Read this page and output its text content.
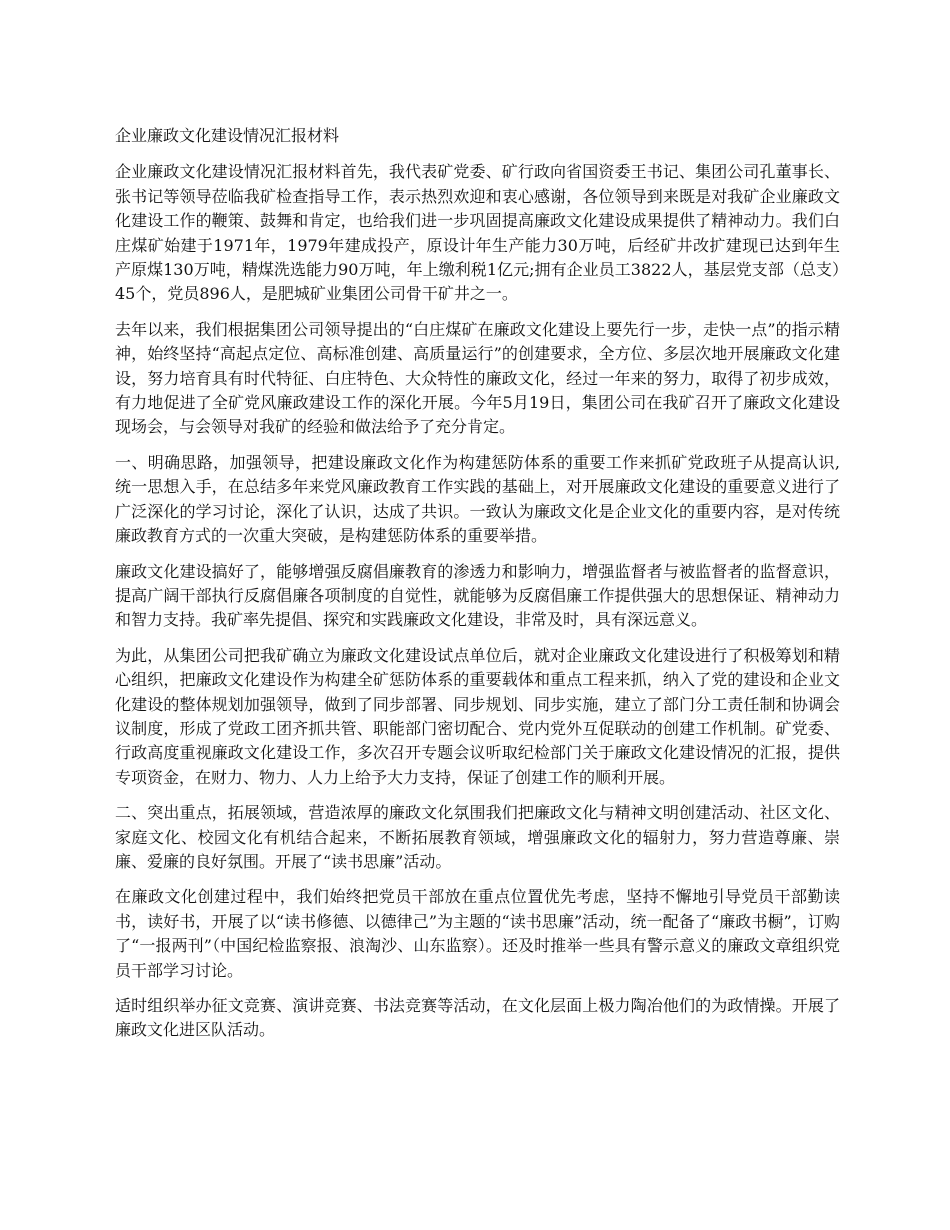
企业廉政文化建设情况汇报材料

企业廉政文化建设情况汇报材料首先，我代表矿党委、矿行政向省国资委王书记、集团公司孔董事长、张书记等领导莅临我矿检查指导工作，表示热烈欢迎和衷心感谢，各位领导到来既是对我矿企业廉政文化建设工作的鞭策、鼓舞和肯定，也给我们进一步巩固提高廉政文化建设成果提供了精神动力。我们白庄煤矿始建于1971年，1979年建成投产，原设计年生产能力30万吨，后经矿井改扩建现已达到年生产原煤130万吨，精煤洗选能力90万吨，年上缴利税1亿元;拥有企业员工3822人，基层党支部（总支）45个，党员896人，是肥城矿业集团公司骨干矿井之一。

去年以来，我们根据集团公司领导提出的“白庄煤矿在廉政文化建设上要先行一步，走快一点”的指示精神，始终坚持“高起点定位、高标准创建、高质量运行”的创建要求，全方位、多层次地开展廉政文化建设，努力培育具有时代特征、白庄特色、大众特性的廉政文化，经过一年来的努力，取得了初步成效，有力地促进了全矿党风廉政建设工作的深化开展。今年5月19日，集团公司在我矿召开了廉政文化建设现场会，与会领导对我矿的经验和做法给予了充分肯定。

一、明确思路，加强领导，把建设廉政文化作为构建惩防体系的重要工作来抓矿党政班子从提高认识,统一思想入手，在总结多年来党风廉政教育工作实践的基础上，对开展廉政文化建设的重要意义进行了广泛深化的学习讨论，深化了认识，达成了共识。一致认为廉政文化是企业文化的重要内容，是对传统廉政教育方式的一次重大突破，是构建惩防体系的重要举措。

廉政文化建设搞好了，能够增强反腐倡廉教育的渗透力和影响力，增强监督者与被监督者的监督意识，提高广阔干部执行反腐倡廉各项制度的自觉性，就能够为反腐倡廉工作提供强大的思想保证、精神动力和智力支持。我矿率先提倡、探究和实践廉政文化建设，非常及时，具有深远意义。

为此，从集团公司把我矿确立为廉政文化建设试点单位后，就对企业廉政文化建设进行了积极筹划和精心组织，把廉政文化建设作为构建全矿惩防体系的重要载体和重点工程来抓，纳入了党的建设和企业文化建设的整体规划加强领导，做到了同步部署、同步规划、同步实施，建立了部门分工责任制和协调会议制度，形成了党政工团齐抓共管、职能部门密切配合、党内党外互促联动的创建工作机制。矿党委、行政高度重视廉政文化建设工作，多次召开专题会议听取纪检部门关于廉政文化建设情况的汇报，提供专项资金，在财力、物力、人力上给予大力支持，保证了创建工作的顺利开展。

二、突出重点，拓展领域，营造浓厚的廉政文化氛围我们把廉政文化与精神文明创建活动、社区文化、家庭文化、校园文化有机结合起来，不断拓展教育领域，增强廉政文化的辐射力，努力营造尊廉、崇廉、爱廉的良好氛围。开展了“读书思廉”活动。

在廉政文化创建过程中，我们始终把党员干部放在重点位置优先考虑，坚持不懈地引导党员干部勤读书，读好书，开展了以“读书修德、以德律己”为主题的“读书思廉”活动，统一配备了“廉政书橱”，订购了“一报两刊”（中国纪检监察报、浪淘沙、山东监察）。还及时推举一些具有警示意义的廉政文章组织党员干部学习讨论。

适时组织举办征文竞赛、演讲竞赛、书法竞赛等活动，在文化层面上极力陶冶他们的为政情操。开展了廉政文化进区队活动。
